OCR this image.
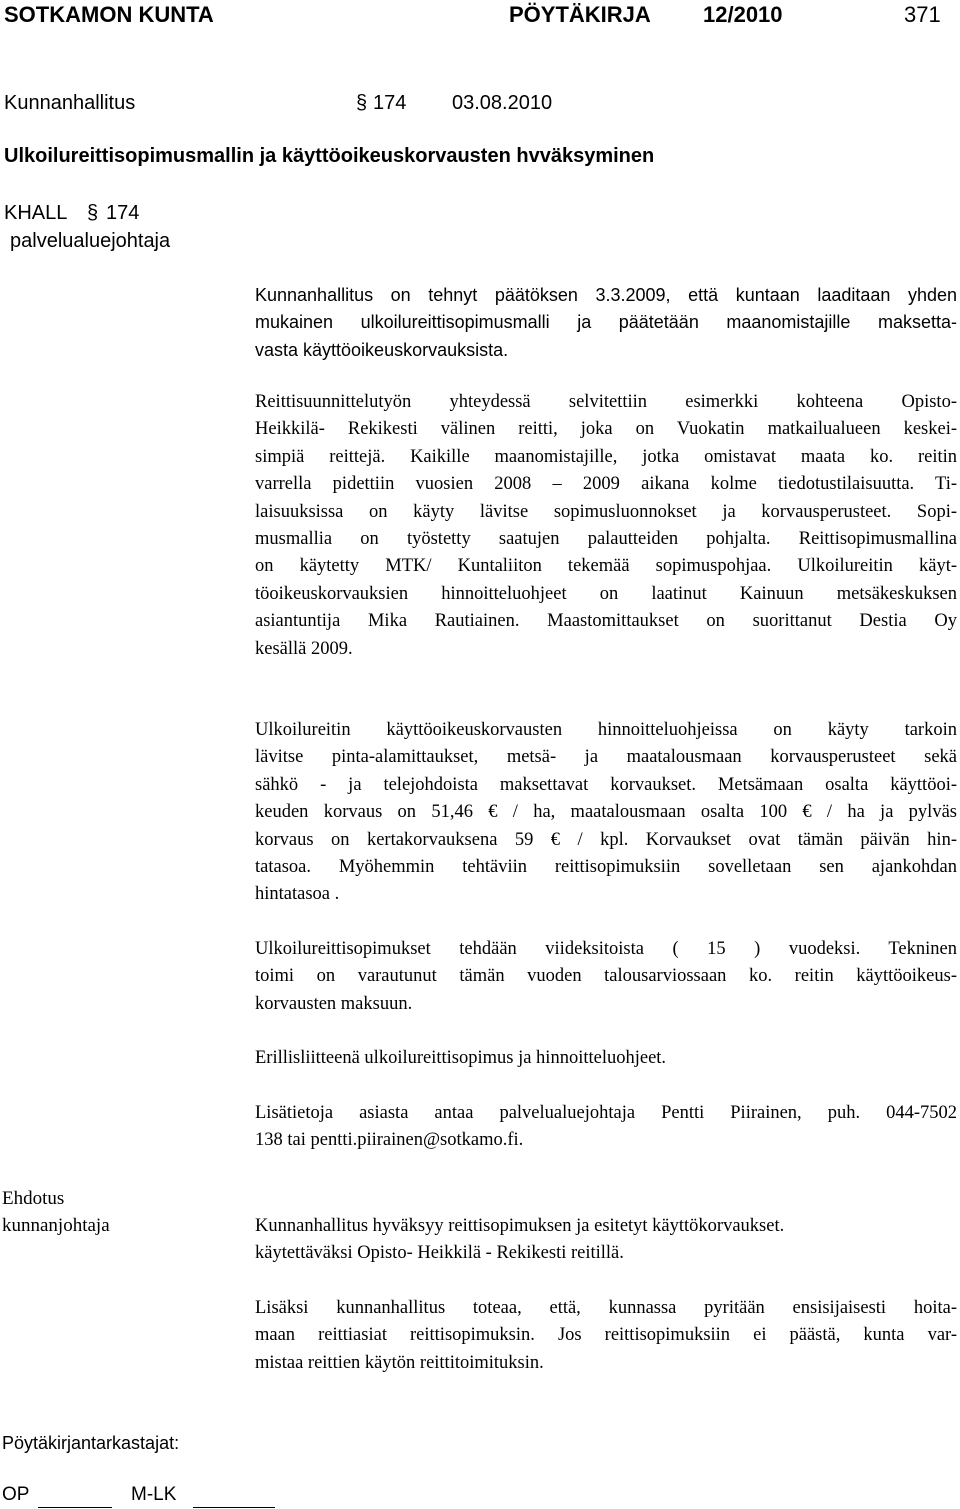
SOTKAMON KUNTA	PÖYTÄKIRJA 12/2010	371
Kunnanhallitus	§ 174 03.08.2010
Ulkoilureittisopimusmallin ja käyttöoikeuskorvausten hvväksyminen
KHALL § 174
palvelualuejohtaja
Kunnanhallitus on tehnyt päätöksen 3.3.2009, että kuntaan laaditaan yhden
mukainen ulkoilureittisopimusmalli ja päätetään maanomistajille maksetta-
vasta käyttöoikeuskorvauksista.
Reittisuunnittelutyön yhteydessä selvitettiin esimerkki kohteena Opisto-
Heikkilä- Rekikesti välinen reitti, joka on Vuokatin matkailualueen keskei-
simpiä reittejä. Kaikille maanomistajille, jotka omistavat maata ko. reitin
varrella pidettiin vuosien 2008 – 2009 aikana kolme tiedotustilaisuutta. Ti-
laisuuksissa on käyty lävitse sopimusluonnokset ja korvausperusteet. Sopi-
musmallia on työstetty saatujen palautteiden pohjalta. Reittisopimusmallina
on käytetty MTK/ Kuntaliiton tekemää sopimuspohjaa. Ulkoilureitin käyt-
töoikeuskorvauksien hinnoitteluohjeet on laatinut Kainuun metsäkeskuksen
asiantuntija Mika Rautiainen. Maastomittaukset on suorittanut Destia Oy
kesällä 2009.
Ulkoilureitin käyttöoikeuskorvausten hinnoitteluohjeissa on käyty tarkoin
lävitse pinta-alamittaukset, metsä- ja maatalousmaan korvausperusteet sekä
sähkö - ja telejohdoista maksettavat korvaukset. Metsämaan osalta käyttöoi-
keuden korvaus on 51,46 € / ha, maatalousmaan osalta 100 € / ha ja pylväs
korvaus on kertakorvauksena 59 € / kpl. Korvaukset ovat tämän päivän hin-
tatasoa. Myöhemmin tehtäviin reittisopimuksiin sovelletaan sen ajankohdan
hintatasoa .
Ulkoilureittisopimukset tehdään viideksitoista ( 15 ) vuodeksi. Tekninen
toimi on varautunut tämän vuoden talousarviossaan ko. reitin käyttöoikeus-
korvausten maksuun.
Erillisliitteenä ulkoilureittisopimus ja hinnoitteluohjeet.
Lisätietoja asiasta antaa palvelualuejohtaja Pentti Piirainen, puh. 044-7502
138 tai pentti.piirainen@sotkamo.fi.
Ehdotus
kunnanjohtaja	Kunnanhallitus hyväksyy reittisopimuksen ja esitetyt käyttökorvaukset.
käytettäväksi Opisto- Heikkilä - Rekikesti reitillä.
Lisäksi kunnanhallitus toteaa, että, kunnassa pyritään ensisijaisesti hoita-
maan reittiasiat reittisopimuksin. Jos reittisopimuksiin ei päästä, kunta var-
mistaa reittien käytön reittitoimituksin.
Pöytäkirjantarkastajat:
OP	M-LK
